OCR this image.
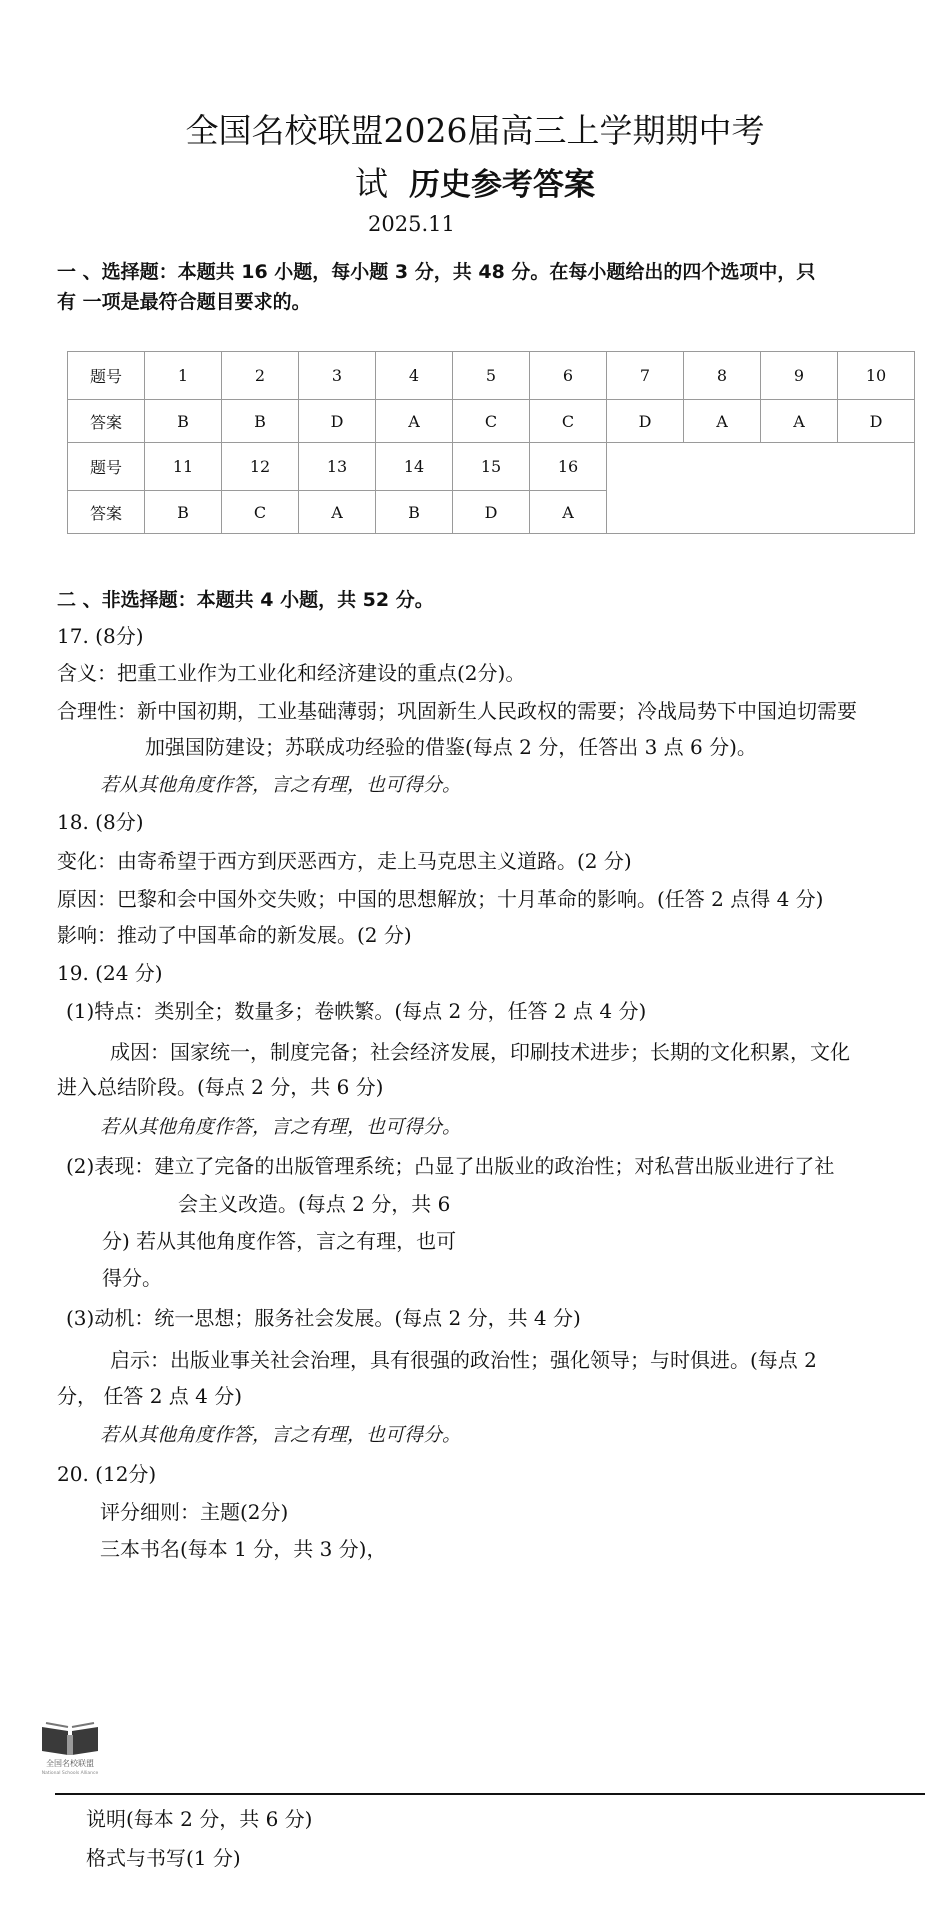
全国名校联盟2026届高三上学期期中考
试 历史参考答案
2025.11
一 、选择题：本题共 16 小题，每小题 3 分，共 48 分。在每小题给出的四个选项中，只
有 一项是最符合题目要求的。
题号	1	2	3	4	5	6	7	8	9	10
答案	B	B	D	A	C	C	D	A	A	D
题号	11	12	13	14	15	16				
答案	B	C	A	B	D	A				
二 、非选择题：本题共 4 小题，共 52 分。
17. (8分)
含义：把重工业作为工业化和经济建设的重点(2分)。
合理性：新中国初期，工业基础薄弱；巩固新生人民政权的需要；冷战局势下中国迫切需要
加强国防建设；苏联成功经验的借鉴(每点 2 分，任答出 3 点 6 分)。
若从其他角度作答，言之有理，也可得分。
18. (8分)
变化：由寄希望于西方到厌恶西方，走上马克思主义道路。(2 分)
原因：巴黎和会中国外交失败；中国的思想解放；十月革命的影响。(任答 2 点得 4 分)
影响：推动了中国革命的新发展。(2 分)
19. (24 分)
(1)特点：类别全；数量多；卷帙繁。(每点 2 分，任答 2 点 4 分)
成因：国家统一，制度完备；社会经济发展，印刷技术进步；长期的文化积累，文化
进入总结阶段。(每点 2 分，共 6 分)
若从其他角度作答，言之有理，也可得分。
(2)表现：建立了完备的出版管理系统；凸显了出版业的政治性；对私营出版业进行了社
会主义改造。(每点 2 分，共 6
分) 若从其他角度作答，言之有理，也可
得分。
(3)动机：统一思想；服务社会发展。(每点 2 分，共 4 分)
启示：出版业事关社会治理，具有很强的政治性；强化领导；与时俱进。(每点 2
分， 任答 2 点 4 分)
若从其他角度作答，言之有理，也可得分。
20. (12分)
评分细则：主题(2分)
三本书名(每本 1 分，共 3 分)，
全国名校联盟
National Schools Alliance
说明(每本 2 分，共 6 分)
格式与书写(1 分)
